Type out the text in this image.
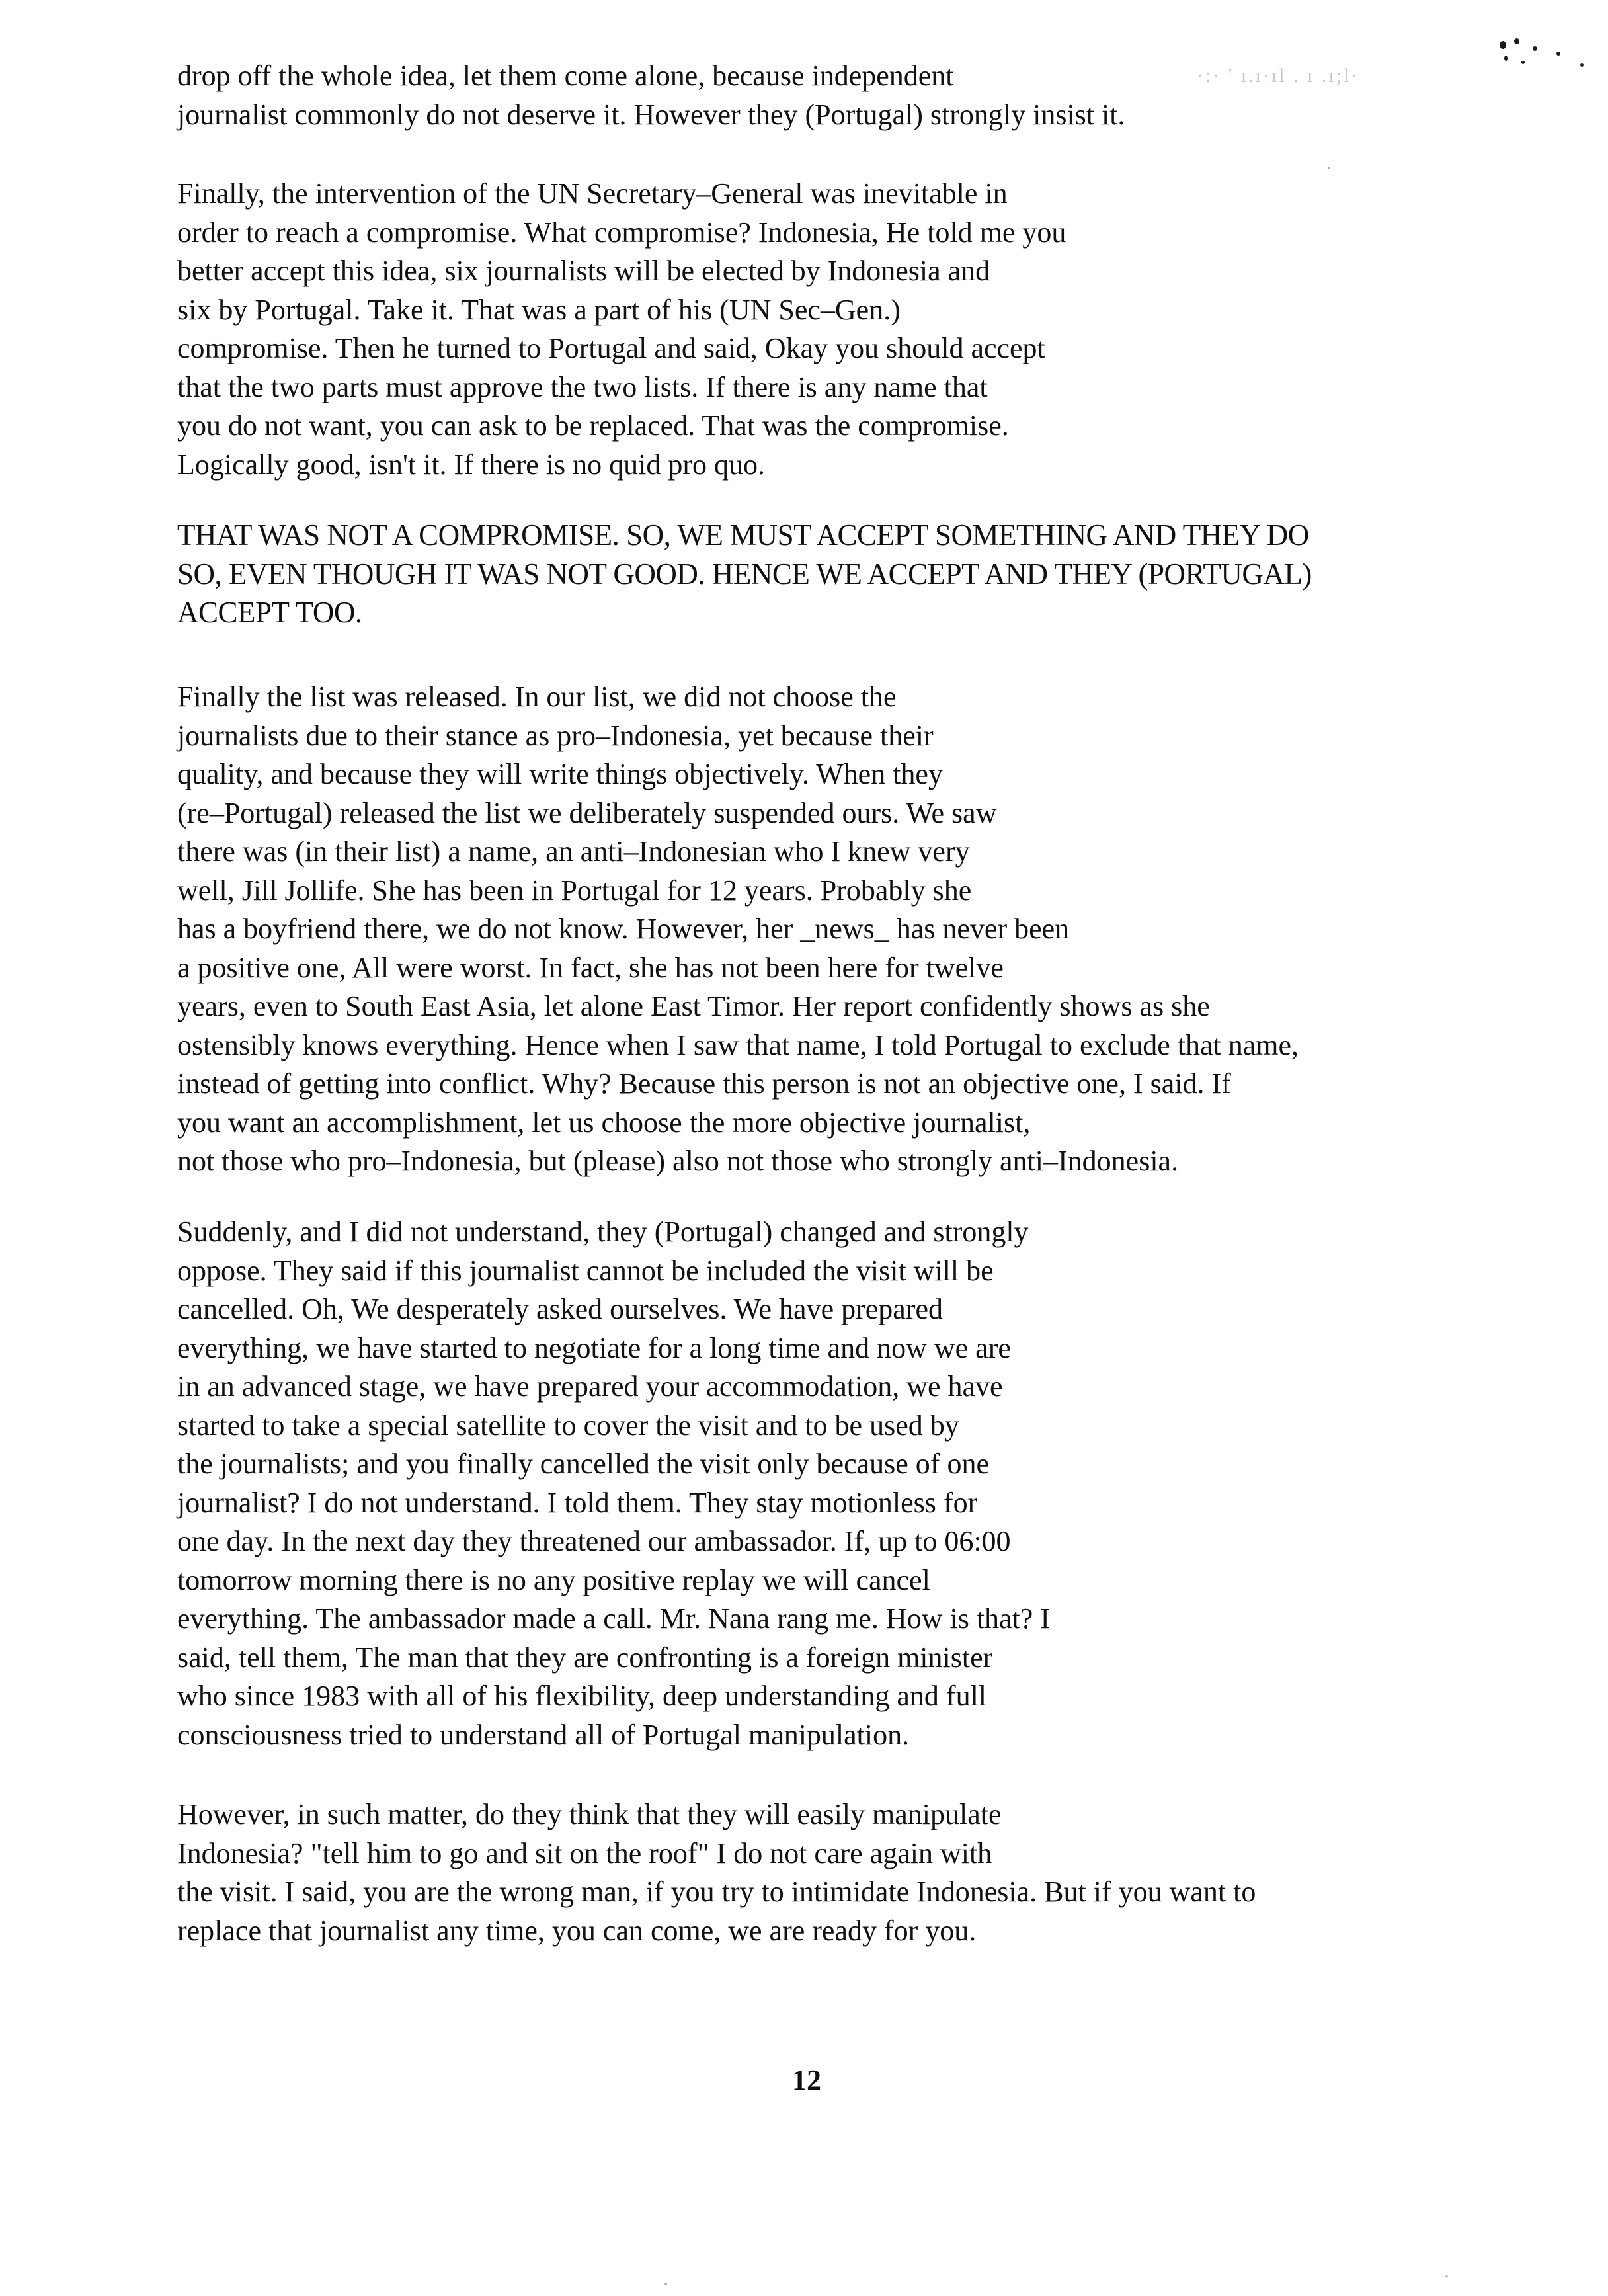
·:· ' ı.ı·ıl . ı .ı;l·

drop off the whole idea, let them come alone, because independent
journalist commonly do not deserve it. However they (Portugal) strongly insist it.

Finally, the intervention of the UN Secretary–General was inevitable in
order to reach a compromise. What compromise? Indonesia, He told me you
better accept this idea, six journalists will be elected by Indonesia and
six by Portugal. Take it. That was a part of his (UN Sec–Gen.)
compromise. Then he turned to Portugal and said, Okay you should accept
that the two parts must approve the two lists. If there is any name that
you do not want, you can ask to be replaced. That was the compromise.
Logically good, isn't it. If there is no quid pro quo.

THAT WAS NOT A COMPROMISE. SO, WE MUST ACCEPT SOMETHING AND THEY DO
SO, EVEN THOUGH IT WAS NOT GOOD. HENCE WE ACCEPT AND THEY (PORTUGAL)
ACCEPT TOO.

Finally the list was released. In our list, we did not choose the
journalists due to their stance as pro–Indonesia, yet because their
quality, and because they will write things objectively. When they
(re–Portugal) released the list we deliberately suspended ours. We saw
there was (in their list) a name, an anti–Indonesian who I knew very
well, Jill Jollife. She has been in Portugal for 12 years. Probably she
has a boyfriend there, we do not know. However, her _news_ has never been
a positive one, All were worst. In fact, she has not been here for twelve
years, even to South East Asia, let alone East Timor. Her report confidently shows as she
ostensibly knows everything. Hence when I saw that name, I told Portugal to exclude that name,
instead of getting into conflict. Why? Because this person is not an objective one, I said. If
you want an accomplishment, let us choose the more objective journalist,
not those who pro–Indonesia, but (please) also not those who strongly anti–Indonesia.

Suddenly, and I did not understand, they (Portugal) changed and strongly
oppose. They said if this journalist cannot be included the visit will be
cancelled. Oh, We desperately asked ourselves. We have prepared
everything, we have started to negotiate for a long time and now we are
in an advanced stage, we have prepared your accommodation, we have
started to take a special satellite to cover the visit and to be used by
the journalists; and you finally cancelled the visit only because of one
journalist? I do not understand. I told them. They stay motionless for
one day. In the next day they threatened our ambassador. If, up to 06:00
tomorrow morning there is no any positive replay we will cancel
everything. The ambassador made a call. Mr. Nana rang me. How is that? I
said, tell them, The man that they are confronting is a foreign minister
who since 1983 with all of his flexibility, deep understanding and full
consciousness tried to understand all of Portugal manipulation.

However, in such matter, do they think that they will easily manipulate
Indonesia? "tell him to go and sit on the roof" I do not care again with
the visit. I said, you are the wrong man, if you try to intimidate Indonesia. But if you want to
replace that journalist any time, you can come, we are ready for you.

12
